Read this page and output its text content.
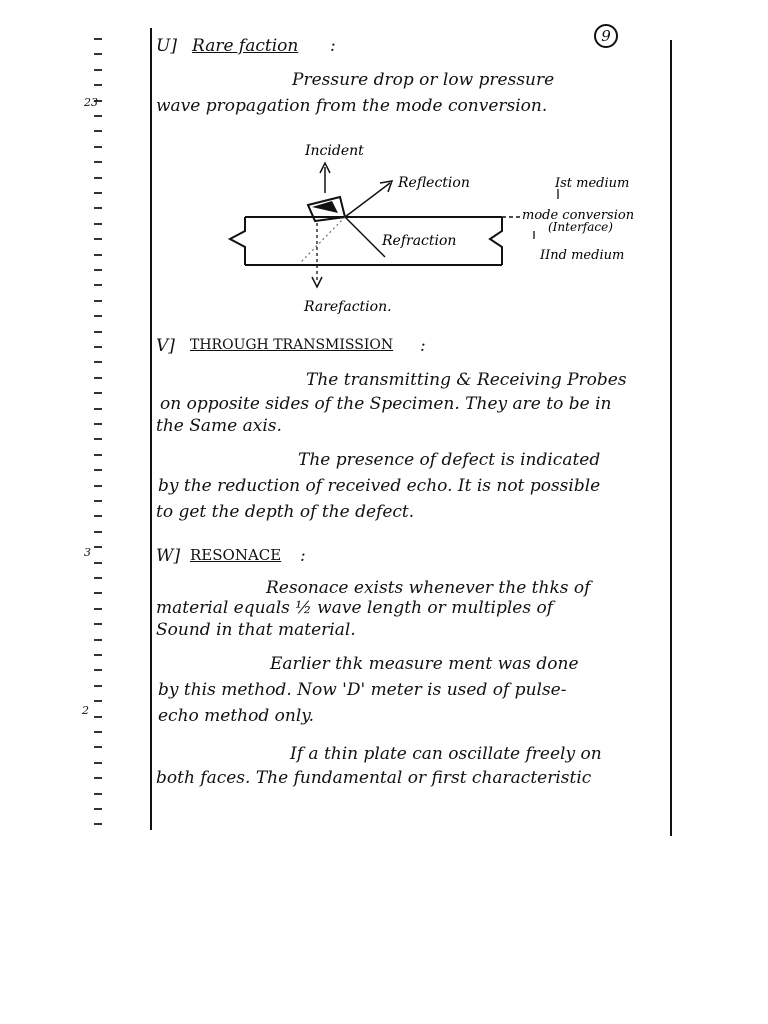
23
3
2
9
U] Rare faction :
Pressure drop or low pressure
wave propagation from the mode conversion.
Incident
Reflection
Refraction
Ist medium
mode conversion
(Interface)
IInd medium
Rarefaction.
V] THROUGH TRANSMISSION :
The transmitting & Receiving Probes
on opposite sides of the Specimen. They are to be in
the Same axis.
The presence of defect is indicated
by the reduction of received echo. It is not possible
to get the depth of the defect.
W] RESONACE :
Resonace exists whenever the thks of
material equals ½ wave length or multiples of
Sound in that material.
Earlier thk measure ment was done
by this method. Now 'D' meter is used of pulse-
echo method only.
If a thin plate can oscillate freely on
both faces. The fundamental or first characteristic
